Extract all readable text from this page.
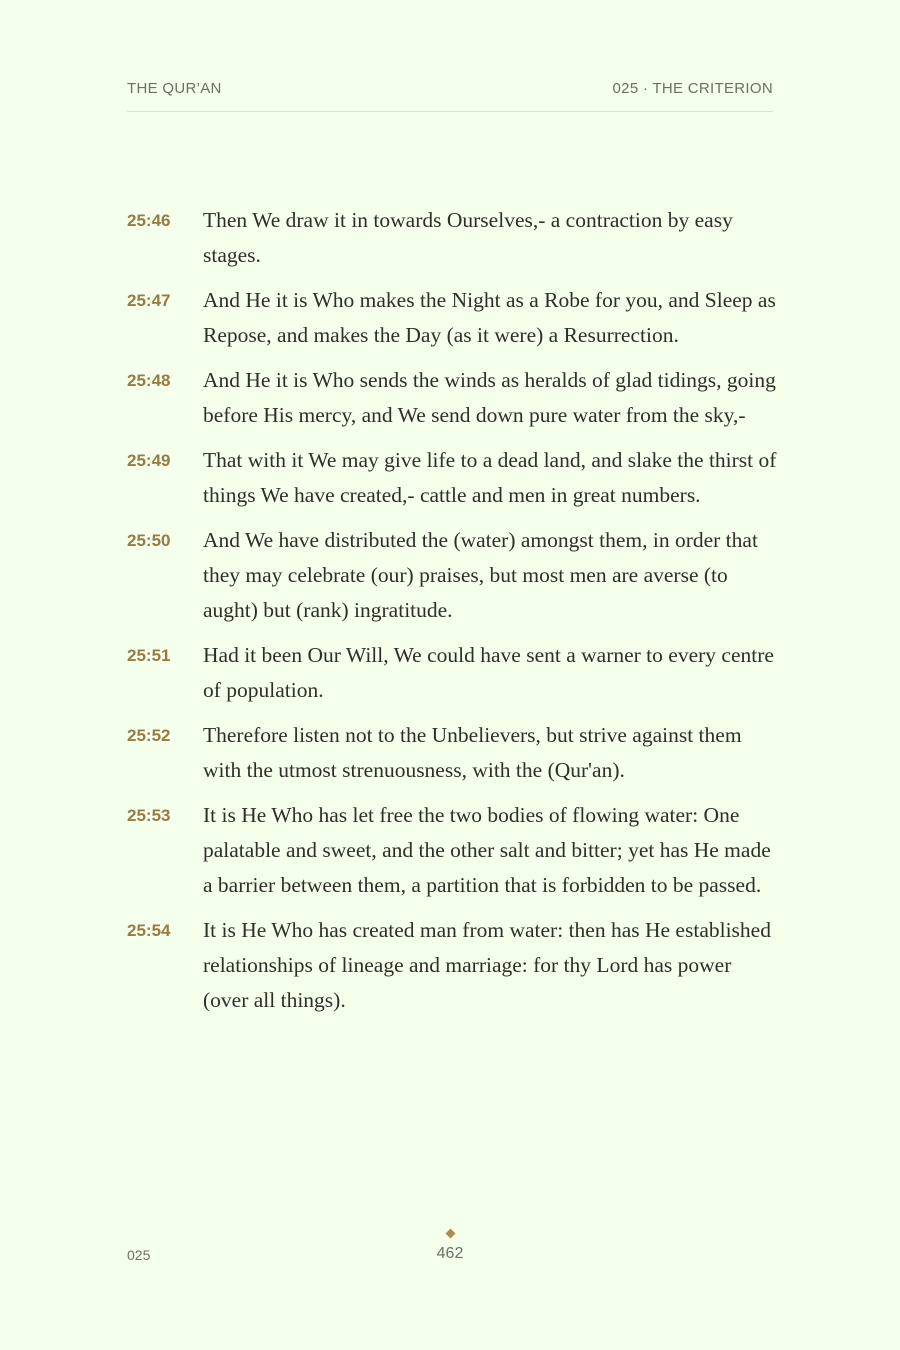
THE QUR’AN	025 · THE CRITERION
25:46	Then We draw it in towards Ourselves,- a contraction by easy stages.
25:47	And He it is Who makes the Night as a Robe for you, and Sleep as Repose, and makes the Day (as it were) a Resurrection.
25:48	And He it is Who sends the winds as heralds of glad tidings, going before His mercy, and We send down pure water from the sky,-
25:49	That with it We may give life to a dead land, and slake the thirst of things We have created,- cattle and men in great numbers.
25:50	And We have distributed the (water) amongst them, in order that they may celebrate (our) praises, but most men are averse (to aught) but (rank) ingratitude.
25:51	Had it been Our Will, We could have sent a warner to every centre of population.
25:52	Therefore listen not to the Unbelievers, but strive against them with the utmost strenuousness, with the (Qur'an).
25:53	It is He Who has let free the two bodies of flowing water: One palatable and sweet, and the other salt and bitter; yet has He made a barrier between them, a partition that is forbidden to be passed.
25:54	It is He Who has created man from water: then has He established relationships of lineage and marriage: for thy Lord has power (over all things).
025	462
